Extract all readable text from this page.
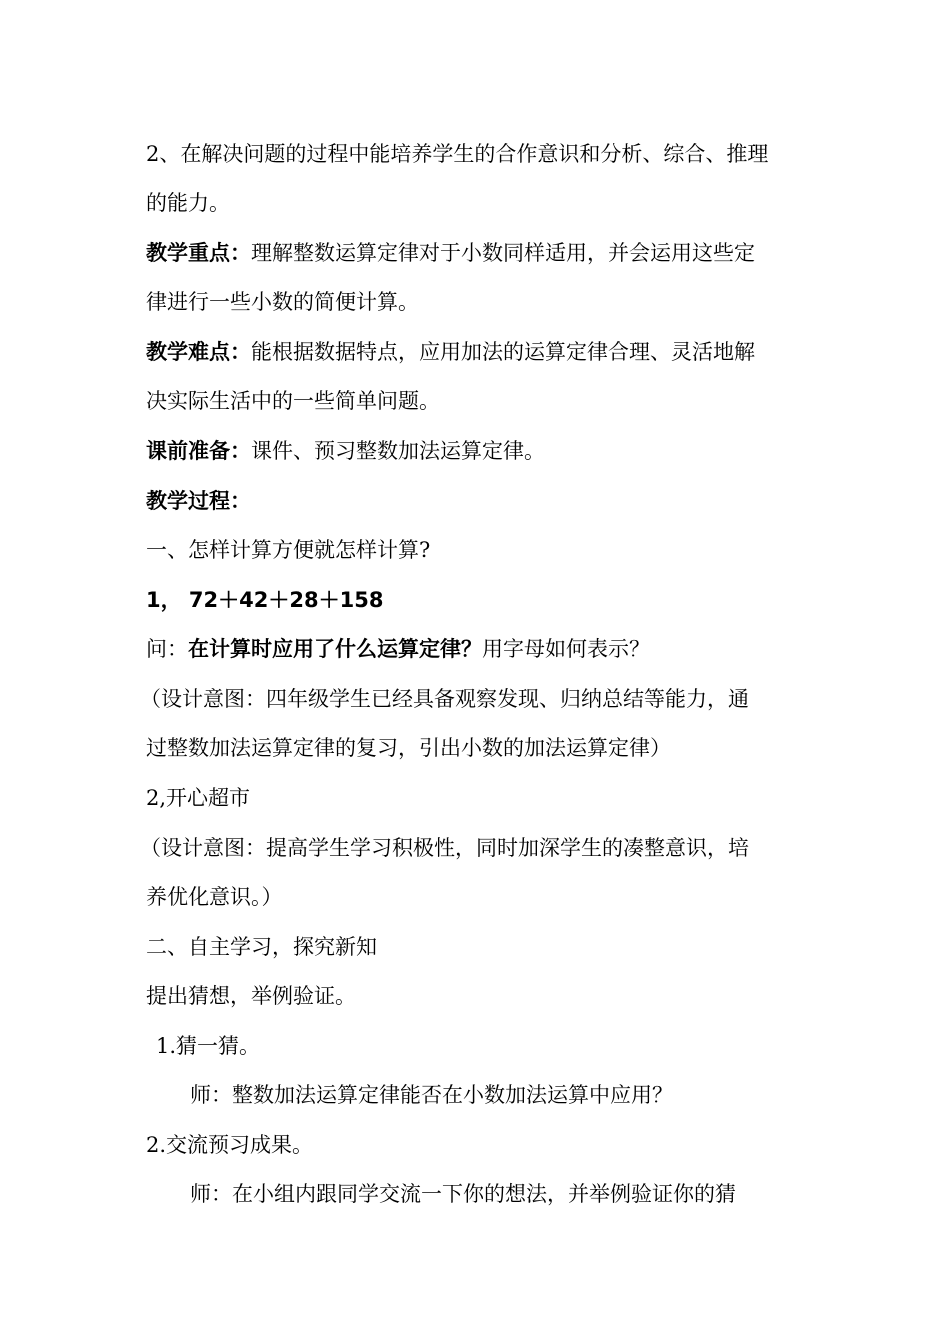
2、在解决问题的过程中能培养学生的合作意识和分析、综合、推理
的能力。
教学重点：理解整数运算定律对于小数同样适用，并会运用这些定
律进行一些小数的简便计算。
教学难点：能根据数据特点，应用加法的运算定律合理、灵活地解
决实际生活中的一些简单问题。
课前准备：课件、预习整数加法运算定律。
教学过程：
一、怎样计算方便就怎样计算?
1， 72＋42＋28＋158
问：在计算时应用了什么运算定律？用字母如何表示？
（设计意图：四年级学生已经具备观察发现、归纳总结等能力，通
过整数加法运算定律的复习，引出小数的加法运算定律）
2,开心超市
（设计意图：提高学生学习积极性，同时加深学生的凑整意识，培
养优化意识。）
二、自主学习，探究新知
提出猜想，举例验证。
1.猜一猜。
师：整数加法运算定律能否在小数加法运算中应用？
2.交流预习成果。
师：在小组内跟同学交流一下你的想法，并举例验证你的猜
